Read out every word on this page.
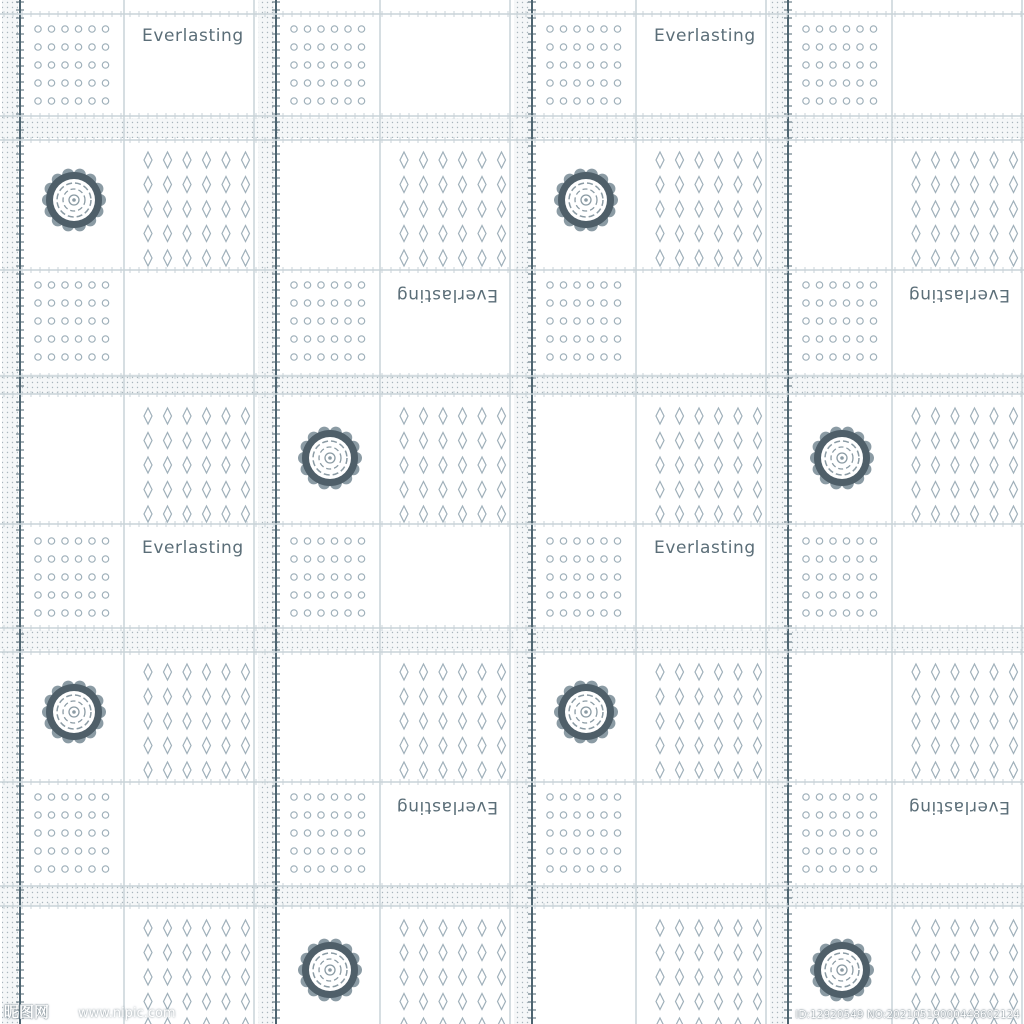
Everlasting
Everlasting
Everlasting
Everlasting
Everlasting
Everlasting
Everlasting
Everlasting
昵图网 www.nipic.com	ID:12920549 NO:20210519000448602124
